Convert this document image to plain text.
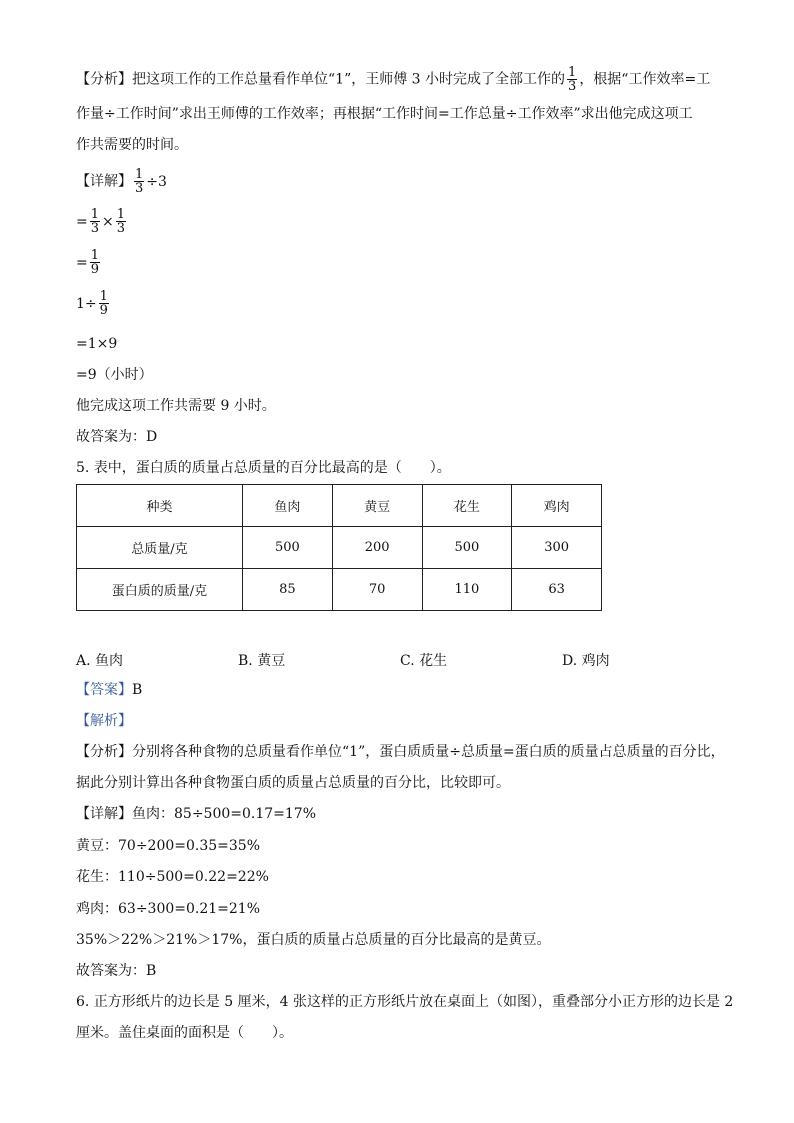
【分析】把这项工作的工作总量看作单位“1”，王师傅 3 小时完成了全部工作的 $\frac{1}{3}$ ，根据“工作效率=工
作量÷工作时间”求出王师傅的工作效率；再根据“工作时间=工作总量÷工作效率”求出他完成这项工
作共需要的时间。
【详解】 $\frac{1}{3} \div 3$
= $\frac{1}{3} \times \frac{1}{3}$
= $\frac{1}{9}$
$1\div \frac{1}{9}$
=1×9
=9（小时）
他完成这项工作共需要 9 小时。
故答案为：D
5. 表中，蛋白质的质量占总质量的百分比最高的是（　　）。
种类	鱼肉	黄豆	花生	鸡肉
总质量/克	500	200	500	300
蛋白质的质量/克	85	70	110	63
A. 鱼肉	B. 黄豆	C. 花生	D. 鸡肉
【答案】B
【解析】
【分析】分别将各种食物的总质量看作单位“1”，蛋白质质量÷总质量=蛋白质的质量占总质量的百分比，
据此分别计算出各种食物蛋白质的质量占总质量的百分比，比较即可。
【详解】鱼肉：85÷500=0.17=17%
黄豆：70÷200=0.35=35%
花生：110÷500=0.22=22%
鸡肉：63÷300=0.21=21%
35%＞22%＞21%＞17%，蛋白质的质量占总质量的百分比最高的是黄豆。
故答案为：B
6. 正方形纸片的边长是 5 厘米，4 张这样的正方形纸片放在桌面上（如图），重叠部分小正方形的边长是 2
厘米。盖住桌面的面积是（　　）。
